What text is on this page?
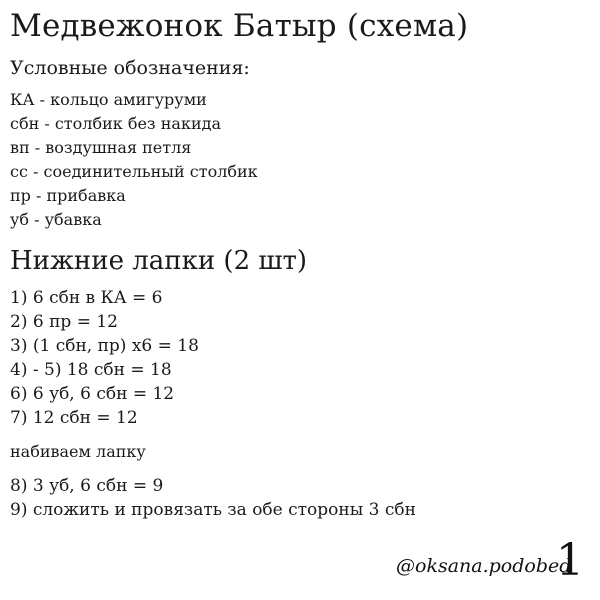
Медвежонок Батыр (схема)
Условные обозначения:
КА - кольцо амигуруми
сбн - столбик без накида
вп - воздушная петля
сс - соединительный столбик
пр - прибавка
уб - убавка
Нижние лапки (2 шт)
1) 6 сбн в КА = 6
2) 6 пр = 12
3) (1 сбн, пр) х6 = 18
4) - 5) 18 сбн = 18
6) 6 уб, 6 сбн = 12
7) 12 сбн = 12
набиваем лапку
8) 3 уб, 6 сбн = 9
9) сложить и провязать за обе стороны 3 сбн
@oksana.podobed
1
